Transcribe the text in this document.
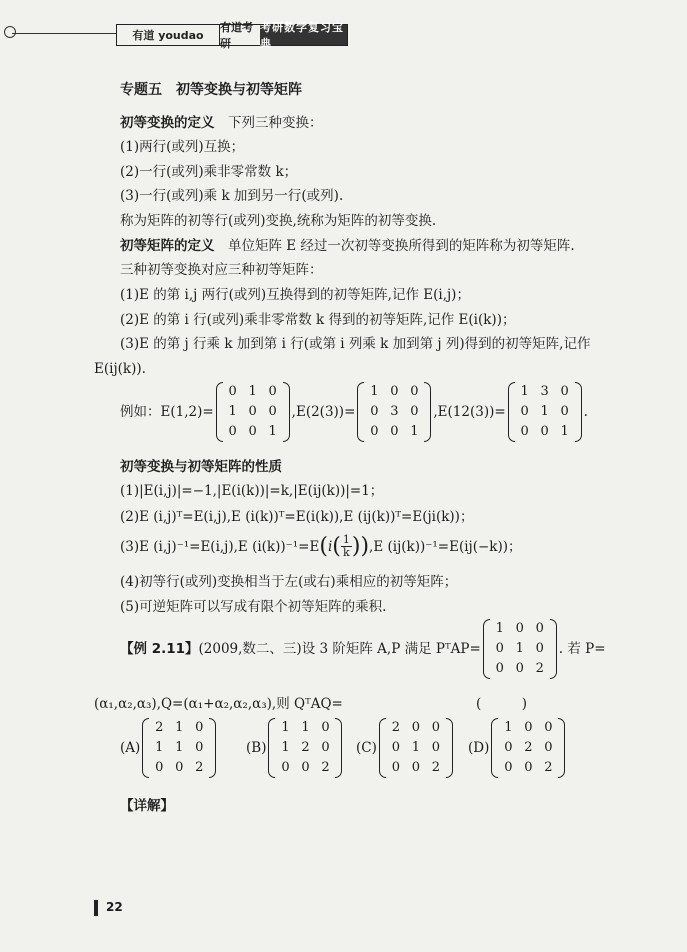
有道 youdao
有道考研
考研数学复习宝典
专题五　初等变换与初等矩阵
初等变换的定义　下列三种变换：
(1)两行(或列)互换；
(2)一行(或列)乘非零常数 k；
(3)一行(或列)乘 k 加到另一行(或列).
称为矩阵的初等行(或列)变换,统称为矩阵的初等变换.
初等矩阵的定义　单位矩阵 E 经过一次初等变换所得到的矩阵称为初等矩阵.
三种初等变换对应三种初等矩阵：
(1)E 的第 i,j 两行(或列)互换得到的初等矩阵,记作 E(i,j)；
(2)E 的第 i 行(或列)乘非零常数 k 得到的初等矩阵,记作 E(i(k))；
(3)E 的第 j 行乘 k 加到第 i 行(或第 i 列乘 k 加到第 j 列)得到的初等矩阵,记作
E(ij(k)).
例如： E(1,2)=
0	1	0
1	0	0
0	0	1
,E(2(3))=
1	0	0
0	3	0
0	0	1
,E(12(3))=
1	3	0
0	1	0
0	0	1
.
初等变换与初等矩阵的性质
(1)|E(i,j)|=−1,|E(i(k))|=k,|E(ij(k))|=1；
(2)E (i,j)ᵀ=E(i,j),E (i(k))ᵀ=E(i(k)),E (ij(k))ᵀ=E(ji(k))；
(3)E (i,j)⁻¹=E(i,j),E (i(k))⁻¹=E ( i ( $\frac{1}{k}$ ) ) ,E (ij(k))⁻¹=E(ij(−k))；
(4)初等行(或列)变换相当于左(或右)乘相应的初等矩阵；
(5)可逆矩阵可以写成有限个初等矩阵的乘积.
【例 2.11】 (2009,数二、三)设 3 阶矩阵 A,P 满足 PᵀAP=
1	0	0
0	1	0
0	0	2
. 若 P=
(α₁,α₂,α₃),Q=(α₁+α₂,α₂,α₃),则 QᵀAQ=	(　　　)
(A)
2	1	0
1	1	0
0	0	2
(B)
1	1	0
1	2	0
0	0	2
(C)
2	0	0
0	1	0
0	0	2
(D)
1	0	0
0	2	0
0	0	2
【详解】
22
